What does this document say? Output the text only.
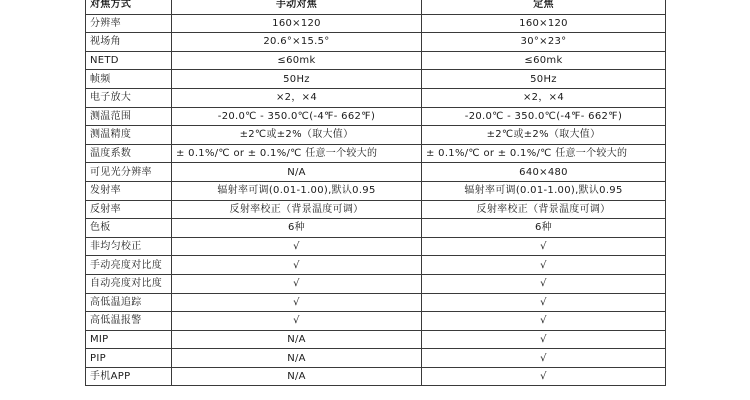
对焦方式	手动对焦	定焦
分辨率	160×120	160×120
视场角	20.6°×15.5°	30°×23°
NETD	≤60mk	≤60mk
帧频	50Hz	50Hz
电子放大	×2，×4	×2，×4
测温范围	-20.0℃ - 350.0℃(-4℉- 662℉)	-20.0℃ - 350.0℃(-4℉- 662℉)
测温精度	±2℃或±2%（取大值）	±2℃或±2%（取大值）
温度系数	± 0.1%/℃ or ± 0.1%/℃ 任意一个较大的	± 0.1%/℃ or ± 0.1%/℃ 任意一个较大的
可见光分辨率	N/A	640×480
发射率	辐射率可调(0.01-1.00),默认0.95	辐射率可调(0.01-1.00),默认0.95
反射率	反射率校正（背景温度可调）	反射率校正（背景温度可调）
色板	6种	6种
非均匀校正	√	√
手动亮度对比度	√	√
自动亮度对比度	√	√
高低温追踪	√	√
高低温报警	√	√
MIP	N/A	√
PIP	N/A	√
手机APP	N/A	√
